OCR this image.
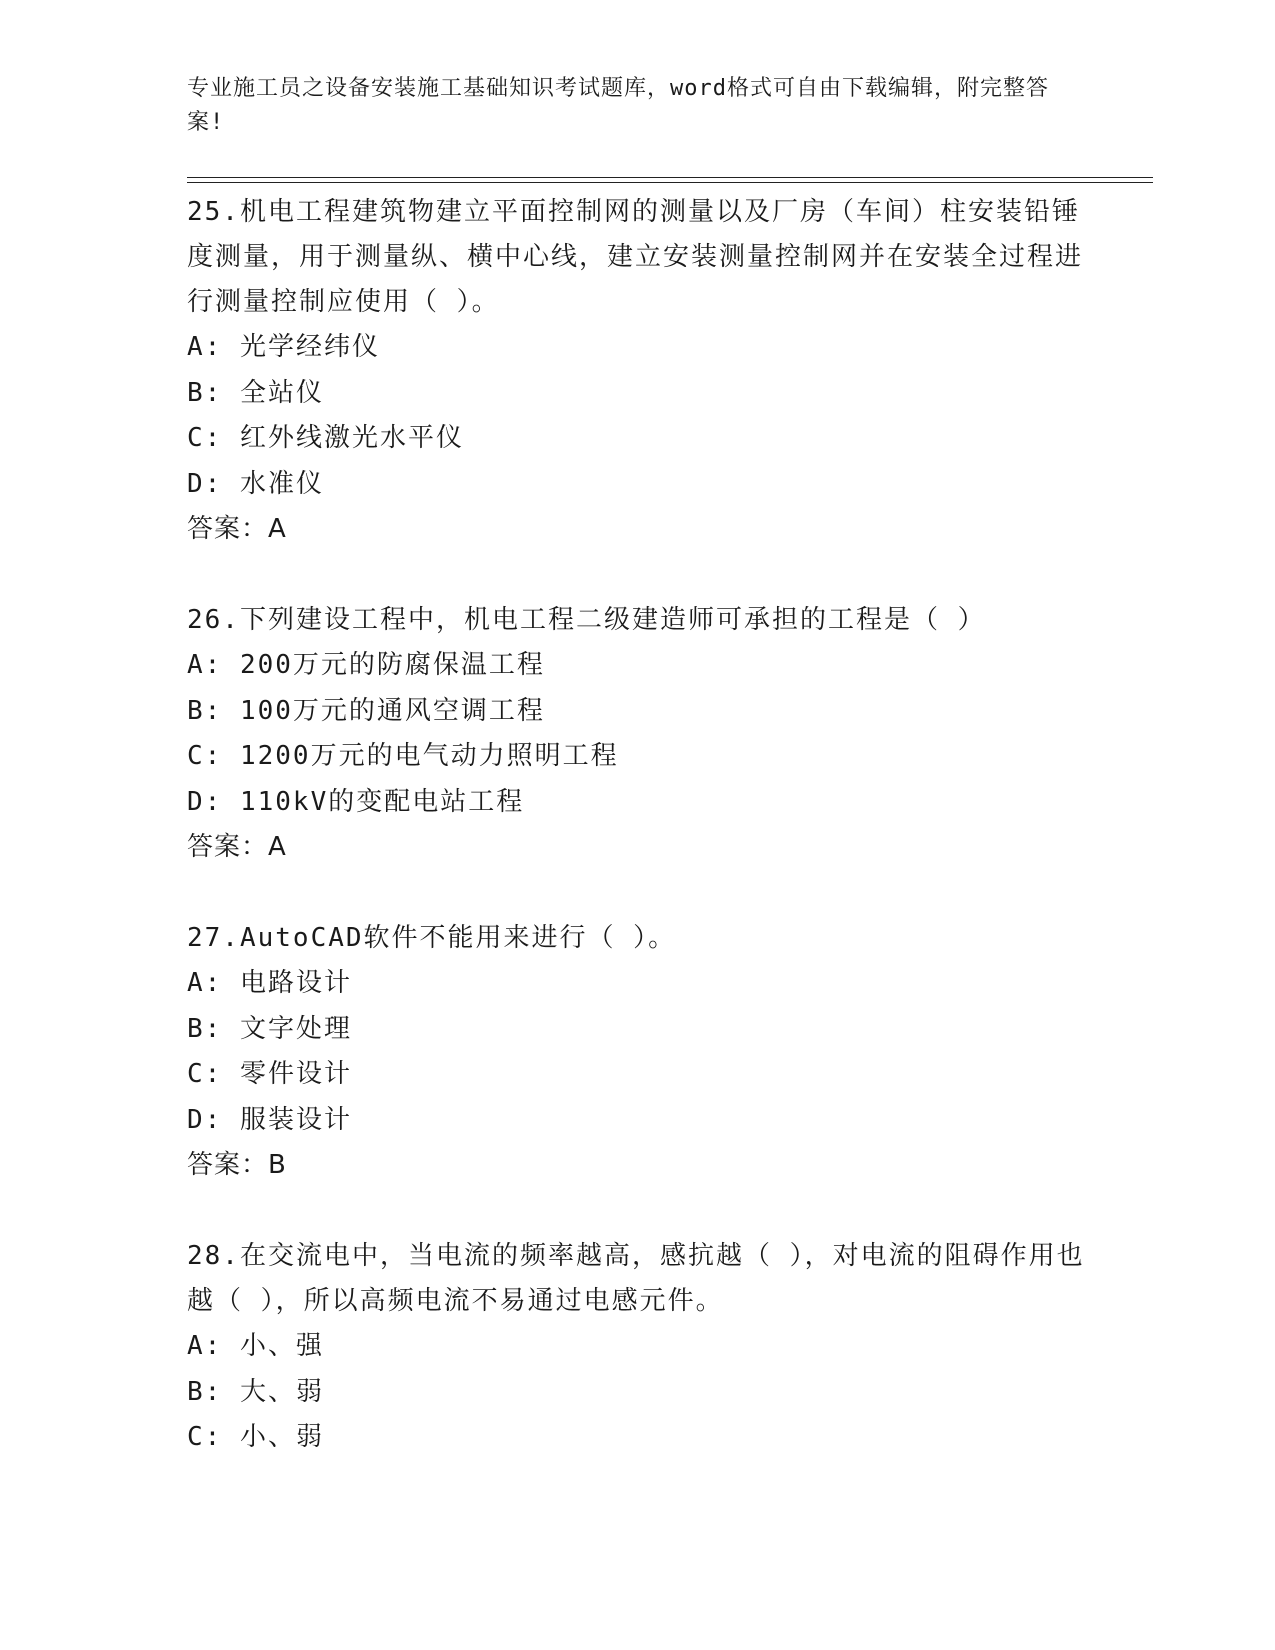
专业施工员之设备安装施工基础知识考试题库，word格式可自由下载编辑，附完整答案!
25.机电工程建筑物建立平面控制网的测量以及厂房（车间）柱安装铅锤度测量，用于测量纵、横中心线，建立安装测量控制网并在安装全过程进行测量控制应使用（ ）。
A: 光学经纬仪
B: 全站仪
C: 红外线激光水平仪
D: 水准仪
答案：A
26.下列建设工程中，机电工程二级建造师可承担的工程是（ ）
A: 200万元的防腐保温工程
B: 100万元的通风空调工程
C: 1200万元的电气动力照明工程
D: 110kV的变配电站工程
答案：A
27.AutoCAD软件不能用来进行（ ）。
A: 电路设计
B: 文字处理
C: 零件设计
D: 服装设计
答案：B
28.在交流电中，当电流的频率越高，感抗越（ ），对电流的阻碍作用也越（ ），所以高频电流不易通过电感元件。
A: 小、强
B: 大、弱
C: 小、弱
